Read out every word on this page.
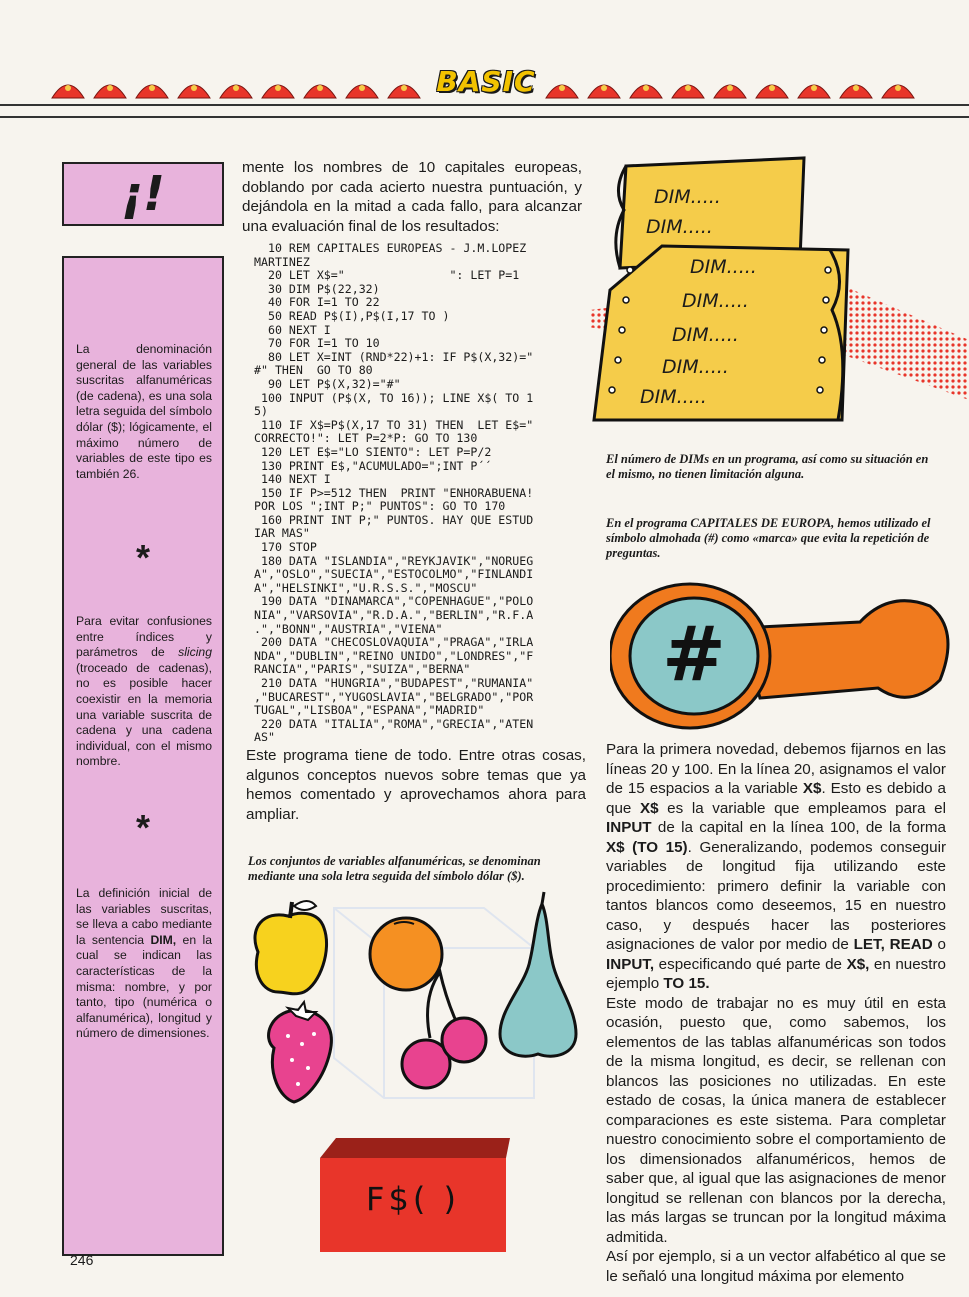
BASIC
¡!
La denominación general de las variables suscritas alfanuméricas (de cadena), es una sola letra seguida del símbolo dólar ($); lógicamente, el máximo número de variables de este tipo es también 26.
*
Para evitar confusiones entre índices y parámetros de slicing (troceado de cadenas), no es posible hacer coexistir en la memoria una variable suscrita de cadena y una cadena individual, con el mismo nombre.
*
La definición inicial de las variables suscritas, se lleva a cabo mediante la sentencia DIM, en la cual se indican las características de la misma: nombre, y por tanto, tipo (numérica o alfanumérica), longitud y número de dimensiones.
mente los nombres de 10 capitales europeas, doblando por cada acierto nuestra puntuación, y dejándola en la mitad a cada fallo, para alcanzar una evaluación final de los resultados:
10 REM CAPITALES EUROPEAS - J.M.LOPEZ
MARTINEZ
20 LET X$="               ": LET P=1
30 DIM P$(22,32)
40 FOR I=1 TO 22
50 READ P$(I),P$(I,17 TO )
60 NEXT I
70 FOR I=1 TO 10
80 LET X=INT (RND*22)+1: IF P$(X,32)="
#" THEN  GO TO 80
90 LET P$(X,32)="#"
100 INPUT (P$(X, TO 16)); LINE X$( TO 1
5)
110 IF X$=P$(X,17 TO 31) THEN  LET E$="
CORRECTO!": LET P=2*P: GO TO 130
120 LET E$="LO SIENTO": LET P=P/2
130 PRINT E$,"ACUMULADO=";INT P´´
140 NEXT I
150 IF P>=512 THEN  PRINT "ENHORABUENA!
POR LOS ";INT P;" PUNTOS": GO TO 170
160 PRINT INT P;" PUNTOS. HAY QUE ESTUD
IAR MAS"
170 STOP
180 DATA "ISLANDIA","REYKJAVIK","NORUEG
A","OSLO","SUECIA","ESTOCOLMO","FINLANDI
A","HELSINKI","U.R.S.S.","MOSCU"
190 DATA "DINAMARCA","COPENHAGUE","POLO
NIA","VARSOVIA","R.D.A.","BERLIN","R.F.A
.","BONN","AUSTRIA","VIENA"
200 DATA "CHECOSLOVAQUIA","PRAGA","IRLA
NDA","DUBLIN","REINO UNIDO","LONDRES","F
RANCIA","PARIS","SUIZA","BERNA"
210 DATA "HUNGRIA","BUDAPEST","RUMANIA"
,"BUCAREST","YUGOSLAVIA","BELGRADO","POR
TUGAL","LISBOA","ESPANA","MADRID"
220 DATA "ITALIA","ROMA","GRECIA","ATEN
AS"
Este programa tiene de todo. Entre otras cosas, algunos conceptos nuevos sobre temas que ya hemos comentado y aprovechamos ahora para ampliar.
Los conjuntos de variables alfanuméricas, se denominan mediante una sola letra seguida del símbolo dólar ($).
F$( )
DIM.....
DIM.....
DIM.....
DIM.....
DIM.....
DIM.....
DIM.....
El número de DIMs en un programa, así como su situación en el mismo, no tienen limitación alguna.
En el programa CAPITALES DE EUROPA, hemos utilizado el símbolo almohada (#) como «marca» que evita la repetición de preguntas.
#

Para la primera novedad, debemos fijarnos en las líneas 20 y 100. En la línea 20, asignamos el valor de 15 espacios a la variable X$. Esto es debido a que X$ es la variable que empleamos para el INPUT de la capital en la línea 100, de la forma X$ (TO 15). Generalizando, podemos conseguir variables de longitud fija utilizando este procedimiento: primero definir la variable con tantos blancos como deseemos, 15 en nuestro caso, y después hacer las posteriores asignaciones de valor por medio de LET, READ o INPUT, especificando qué parte de X$, en nuestro ejemplo TO 15.

Este modo de trabajar no es muy útil en esta ocasión, puesto que, como sabemos, los elementos de las tablas alfanuméricas son todos de la misma longitud, es decir, se rellenan con blancos las posiciones no utilizadas. En este estado de cosas, la única manera de establecer comparaciones es este sistema. Para completar nuestro conocimiento sobre el comportamiento de los dimensionados alfanuméricos, hemos de saber que, al igual que las asignaciones de menor longitud se rellenan con blancos por la derecha, las más largas se truncan por la longitud máxima admitida.

Así por ejemplo, si a un vector alfabético al que se le señaló una longitud máxima por elemento

246
